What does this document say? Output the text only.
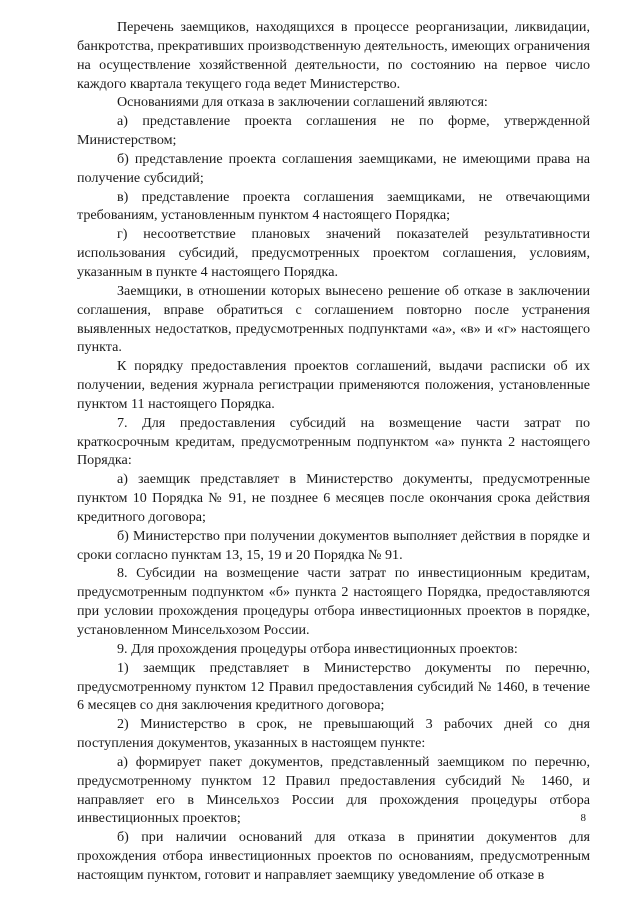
Перечень заемщиков, находящихся в процессе реорганизации, ликвидации, банкротства, прекративших производственную деятельность, имеющих ограничения на осуществление хозяйственной деятельности, по состоянию на первое число каждого квартала текущего года ведет Министерство.

Основаниями для отказа в заключении соглашений являются:

а) представление проекта соглашения не по форме, утвержденной Министерством;

б) представление проекта соглашения заемщиками, не имеющими права на получение субсидий;

в) представление проекта соглашения заемщиками, не отвечающими требованиям, установленным пунктом 4 настоящего Порядка;

г) несоответствие плановых значений показателей результативности использования субсидий, предусмотренных проектом соглашения, условиям, указанным в пункте 4 настоящего Порядка.

Заемщики, в отношении которых вынесено решение об отказе в заключении соглашения, вправе обратиться с соглашением повторно после устранения выявленных недостатков, предусмотренных подпунктами «а», «в» и «г» настоящего пункта.

К порядку предоставления проектов соглашений, выдачи расписки об их получении, ведения журнала регистрации применяются положения, установленные пунктом 11 настоящего Порядка.

7. Для предоставления субсидий на возмещение части затрат по краткосрочным кредитам, предусмотренным подпунктом «а» пункта 2 настоящего Порядка:

а) заемщик представляет в Министерство документы, предусмотренные пунктом 10 Порядка № 91, не позднее 6 месяцев после окончания срока действия кредитного договора;

б) Министерство при получении документов выполняет действия в порядке и сроки согласно пунктам 13, 15, 19 и 20 Порядка № 91.

8. Субсидии на возмещение части затрат по инвестиционным кредитам, предусмотренным подпунктом «б» пункта 2 настоящего Порядка, предоставляются при условии прохождения процедуры отбора инвестиционных проектов в порядке, установленном Минсельхозом России.

9. Для прохождения процедуры отбора инвестиционных проектов:

1) заемщик представляет в Министерство документы по перечню, предусмотренному пунктом 12 Правил предоставления субсидий № 1460, в течение 6 месяцев со дня заключения кредитного договора;

2) Министерство в срок, не превышающий 3 рабочих дней со дня поступления документов, указанных в настоящем пункте:

а) формирует пакет документов, представленный заемщиком по перечню, предусмотренному пунктом 12 Правил предоставления субсидий № 1460, и направляет его в Минсельхоз России для прохождения процедуры отбора инвестиционных проектов;

б) при наличии оснований для отказа в принятии документов для прохождения отбора инвестиционных проектов по основаниям, предусмотренным настоящим пунктом, готовит и направляет заемщику уведомление об отказе в

8
